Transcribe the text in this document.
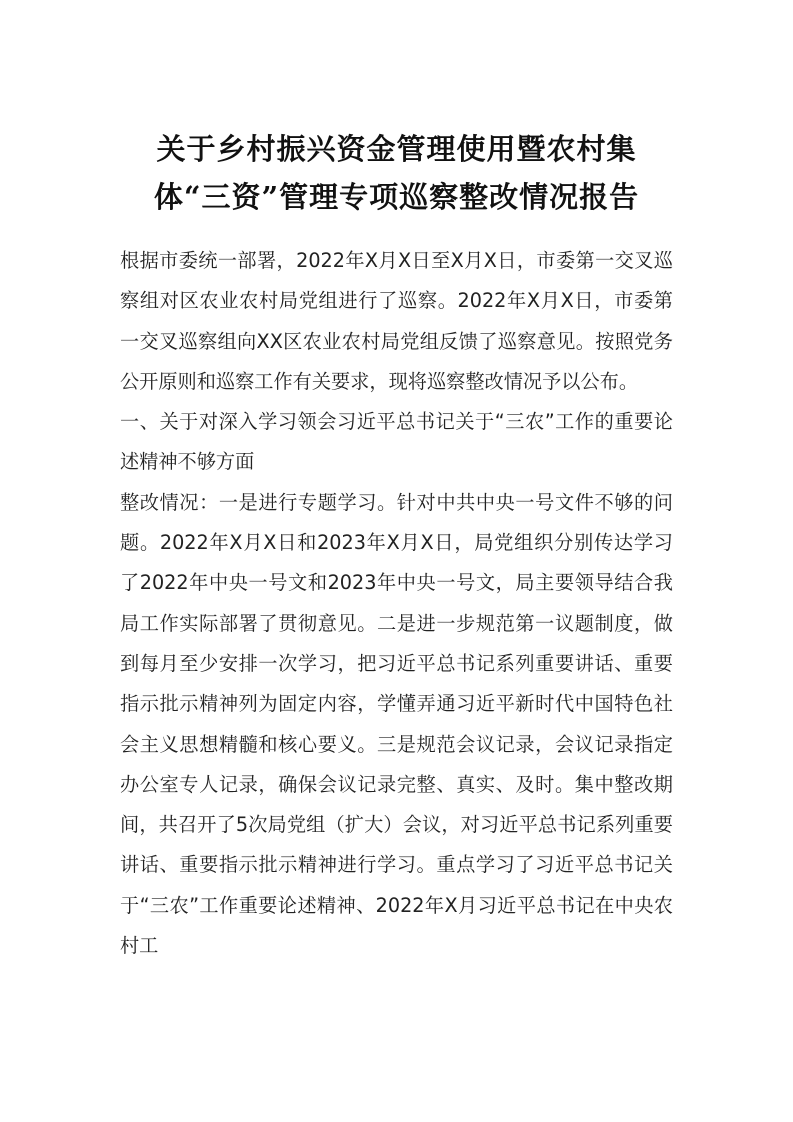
关于乡村振兴资金管理使用暨农村集体“三资”管理专项巡察整改情况报告

根据市委统一部署，2022年X月X日至X月X日，市委第一交叉巡察组对区农业农村局党组进行了巡察。2022年X月X日，市委第一交叉巡察组向XX区农业农村局党组反馈了巡察意见。按照党务公开原则和巡察工作有关要求，现将巡察整改情况予以公布。

一、关于对深入学习领会习近平总书记关于“三农”工作的重要论述精神不够方面

整改情况：一是进行专题学习。针对中共中央一号文件不够的问题。2022年X月X日和2023年X月X日，局党组织分别传达学习了2022年中央一号文和2023年中央一号文，局主要领导结合我局工作实际部署了贯彻意见。二是进一步规范第一议题制度，做到每月至少安排一次学习，把习近平总书记系列重要讲话、重要指示批示精神列为固定内容，学懂弄通习近平新时代中国特色社会主义思想精髓和核心要义。三是规范会议记录，会议记录指定办公室专人记录，确保会议记录完整、真实、及时。集中整改期间，共召开了5次局党组（扩大）会议，对习近平总书记系列重要讲话、重要指示批示精神进行学习。重点学习了习近平总书记关于“三农”工作重要论述精神、2022年X月习近平总书记在中央农村工
